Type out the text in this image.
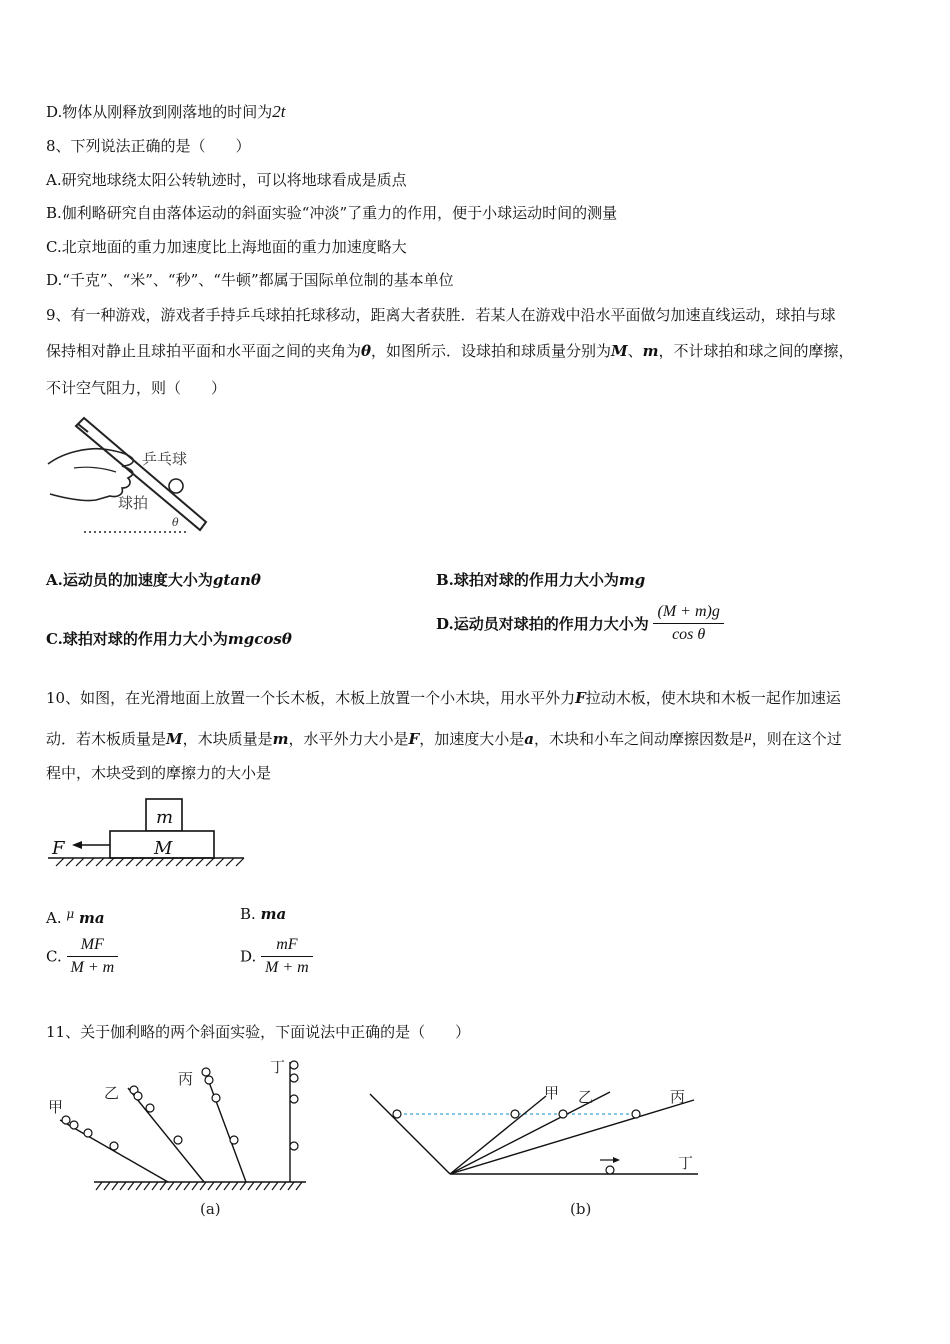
D.物体从刚释放到刚落地的时间为2t
8、下列说法正确的是（　　）
A.研究地球绕太阳公转轨迹时，可以将地球看成是质点
B.伽利略研究自由落体运动的斜面实验“冲淡”了重力的作用，便于小球运动时间的测量
C.北京地面的重力加速度比上海地面的重力加速度略大
D.“千克”、“米”、“秒”、“牛顿”都属于国际单位制的基本单位
9、有一种游戏，游戏者手持乒乓球拍托球移动，距离大者获胜．若某人在游戏中沿水平面做匀加速直线运动，球拍与球
保持相对静止且球拍平面和水平面之间的夹角为θ，如图所示．设球拍和球质量分别为M、m，不计球拍和球之间的摩擦，
不计空气阻力，则（　　）
乒乓球
球拍
θ
A.运动员的加速度大小为gtanθ	B.球拍对球的作用力大小为mg
C.球拍对球的作用力大小为mgcosθ
D.运动员对球拍的作用力大小为 $\frac{(M + m)g}{\text{cos θ}}$
10、如图，在光滑地面上放置一个长木板，木板上放置一个小木块，用水平外力F拉动木板，使木块和木板一起作加速运
动．若木板质量是M，木块质量是m，水平外力大小是F，加速度大小是a，木块和小车之间动摩擦因数是$^\mu$，则在这个过
程中，木块受到的摩擦力的大小是
m
M
F
A. $^\mu$ ma	B. ma
C. $\frac{MF}{M + m}$	D. $\frac{mF}{M + m}$
11、关于伽利略的两个斜面实验，下面说法中正确的是（　　）
甲
乙
丙
丁
(a)
甲 乙	丙
丁
(b)
